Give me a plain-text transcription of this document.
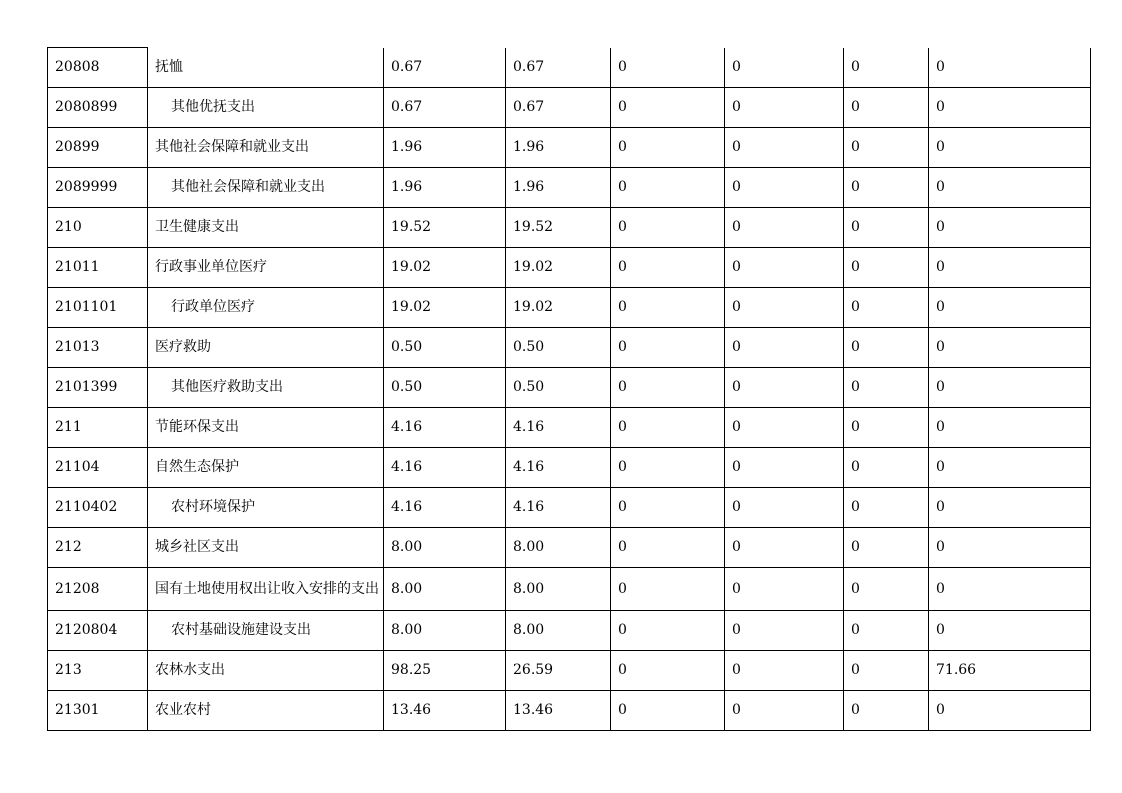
20808	抚恤	0.67	0.67	0	0	0	0
2080899	其他优抚支出	0.67	0.67	0	0	0	0
20899	其他社会保障和就业支出	1.96	1.96	0	0	0	0
2089999	其他社会保障和就业支出	1.96	1.96	0	0	0	0
210	卫生健康支出	19.52	19.52	0	0	0	0
21011	行政事业单位医疗	19.02	19.02	0	0	0	0
2101101	行政单位医疗	19.02	19.02	0	0	0	0
21013	医疗救助	0.50	0.50	0	0	0	0
2101399	其他医疗救助支出	0.50	0.50	0	0	0	0
211	节能环保支出	4.16	4.16	0	0	0	0
21104	自然生态保护	4.16	4.16	0	0	0	0
2110402	农村环境保护	4.16	4.16	0	0	0	0
212	城乡社区支出	8.00	8.00	0	0	0	0
21208	国有土地使用权出让收入安排的支出	8.00	8.00	0	0	0	0
2120804	农村基础设施建设支出	8.00	8.00	0	0	0	0
213	农林水支出	98.25	26.59	0	0	0	71.66
21301	农业农村	13.46	13.46	0	0	0	0
